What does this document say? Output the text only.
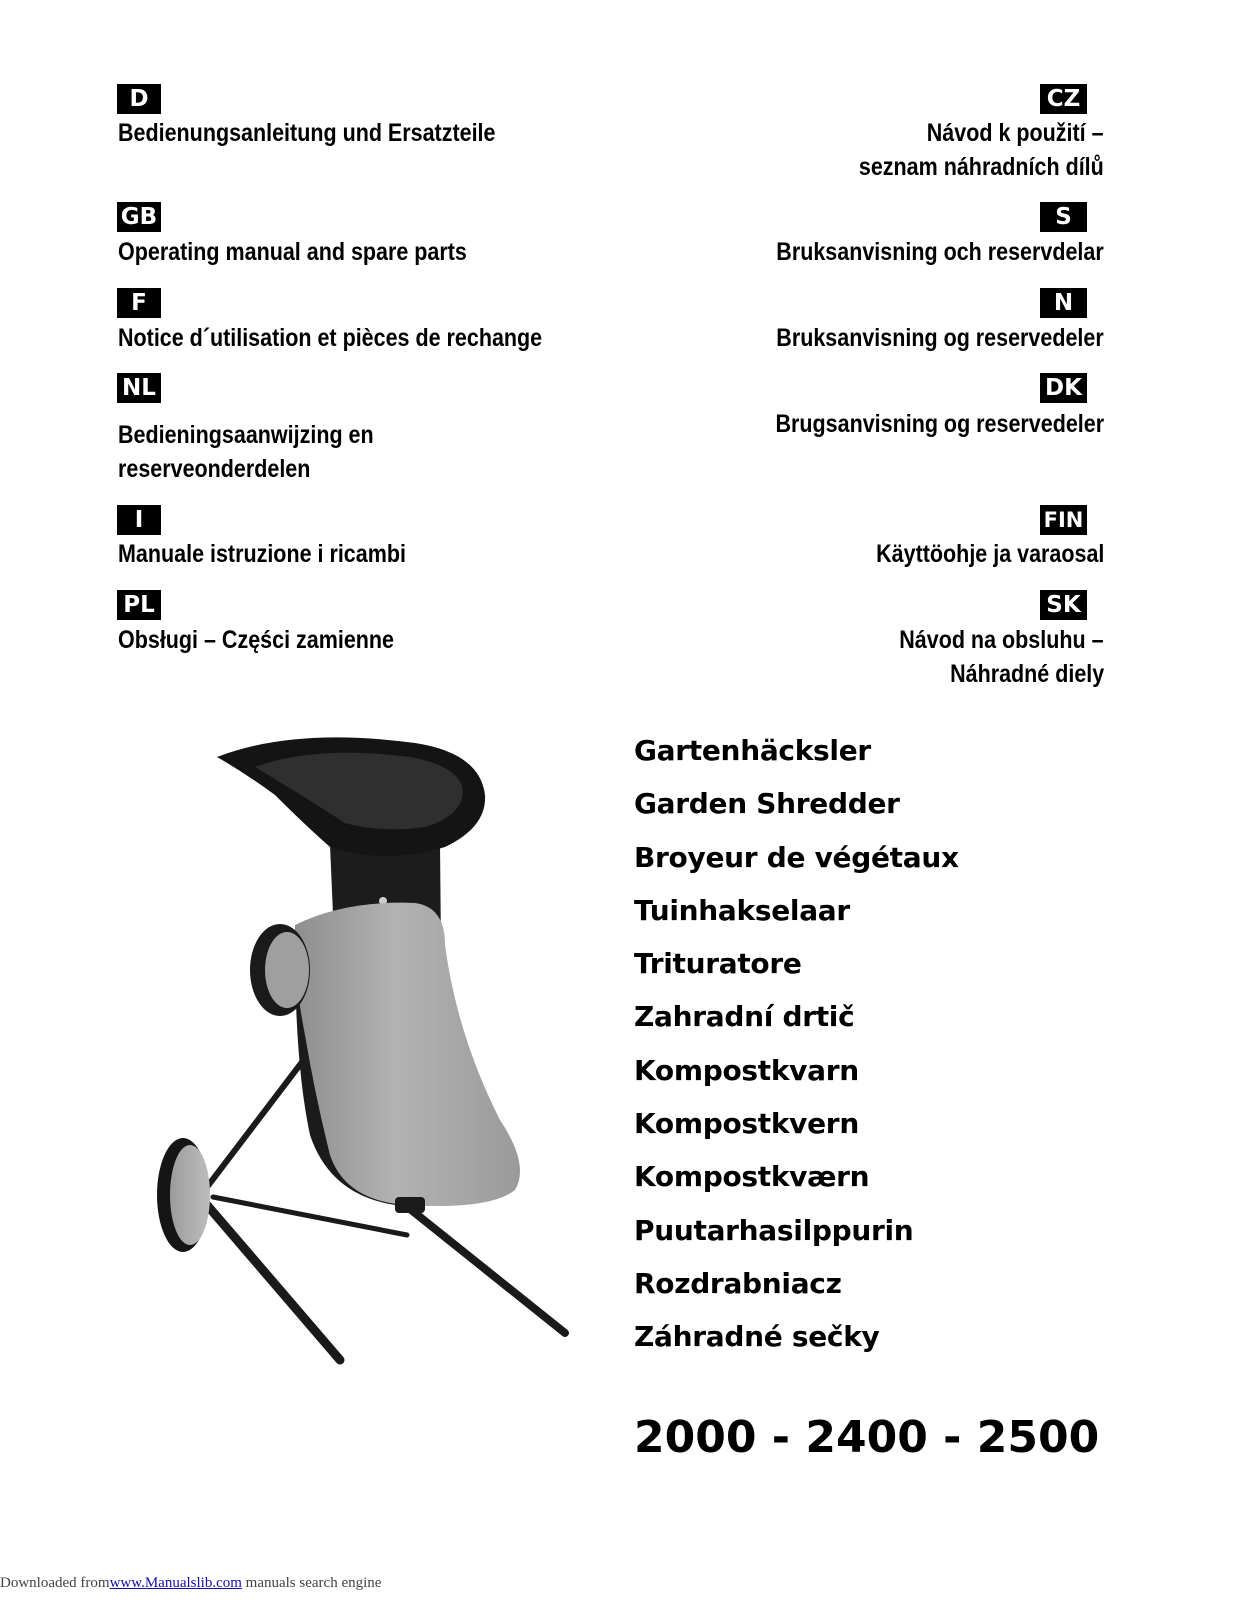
D
Bedienungsanleitung und Ersatzteile
GB
Operating manual and spare parts
F
Notice d´utilisation et pièces de rechange
NL
Bedieningsaanwijzing en
reserveonderdelen
I
Manuale istruzione i ricambi
PL
Obsługi – Części zamienne
CZ
Návod k použití –
seznam náhradních dílů
S
Bruksanvisning och reservdelar
N
Bruksanvisning og reservedeler
DK
Brugsanvisning og reservedeler
FIN
Käyttöohje ja varaosal
SK
Návod na obsluhu –
Náhradné diely
Gartenhäcksler
Garden Shredder
Broyeur de végétaux
Tuinhakselaar
Trituratore
Zahradní drtič
Kompostkvarn
Kompostkvern
Kompostkværn
Puutarhasilppurin
Rozdrabniacz
Záhradné sečky
2000 - 2400 - 2500
Downloaded fromwww.Manualslib.com manuals search engine
